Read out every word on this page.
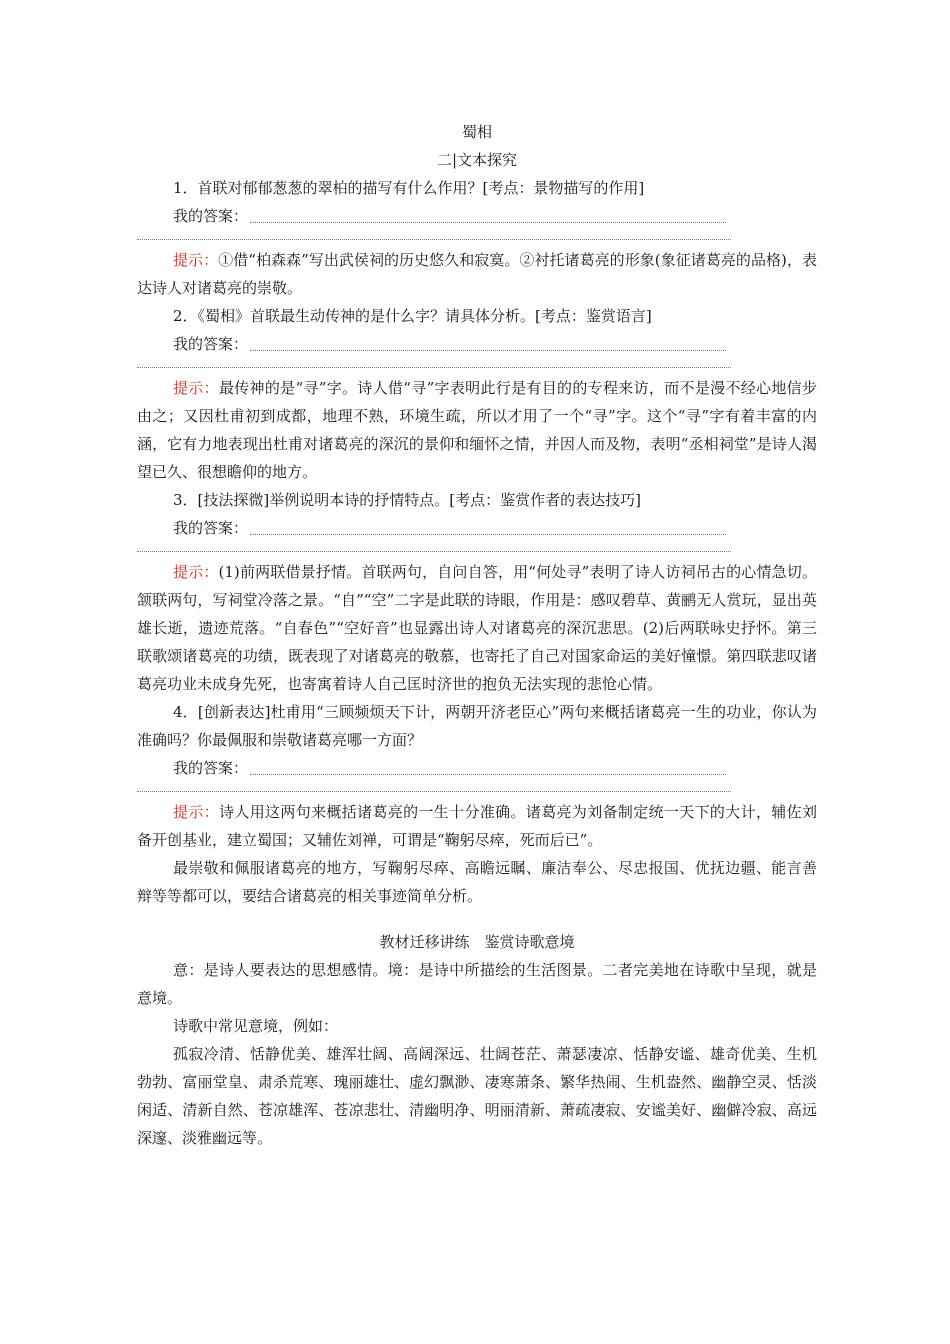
蜀相
二|文本探究
1．首联对郁郁葱葱的翠柏的描写有什么作用？[考点：景物描写的作用]
我的答案：
提示：①借“柏森森”写出武侯祠的历史悠久和寂寞。②衬托诸葛亮的形象(象征诸葛亮的品格)，表达诗人对诸葛亮的崇敬。
2．《蜀相》首联最生动传神的是什么字？请具体分析。[考点：鉴赏语言]
我的答案：
提示：最传神的是“寻”字。诗人借“寻”字表明此行是有目的的专程来访，而不是漫不经心地信步由之；又因杜甫初到成都，地理不熟，环境生疏，所以才用了一个“寻”字。这个“寻”字有着丰富的内涵，它有力地表现出杜甫对诸葛亮的深沉的景仰和缅怀之情，并因人而及物，表明“丞相祠堂”是诗人渴望已久、很想瞻仰的地方。
3．[技法探微]举例说明本诗的抒情特点。[考点：鉴赏作者的表达技巧]
我的答案：
提示：(1)前两联借景抒情。首联两句，自问自答，用“何处寻”表明了诗人访祠吊古的心情急切。颔联两句，写祠堂冷落之景。“自”“空”二字是此联的诗眼，作用是：感叹碧草、黄鹂无人赏玩，显出英雄长逝，遗迹荒落。“自春色”“空好音”也显露出诗人对诸葛亮的深沉悲思。(2)后两联咏史抒怀。第三联歌颂诸葛亮的功绩，既表现了对诸葛亮的敬慕，也寄托了自己对国家命运的美好憧憬。第四联悲叹诸葛亮功业未成身先死，也寄寓着诗人自己匡时济世的抱负无法实现的悲怆心情。
4．[创新表达]杜甫用“三顾频烦天下计，两朝开济老臣心”两句来概括诸葛亮一生的功业，你认为准确吗？你最佩服和崇敬诸葛亮哪一方面？
我的答案：
提示：诗人用这两句来概括诸葛亮的一生十分准确。诸葛亮为刘备制定统一天下的大计，辅佐刘备开创基业，建立蜀国；又辅佐刘禅，可谓是“鞠躬尽瘁，死而后已”。
最崇敬和佩服诸葛亮的地方，写鞠躬尽瘁、高瞻远瞩、廉洁奉公、尽忠报国、优抚边疆、能言善辩等等都可以，要结合诸葛亮的相关事迹简单分析。
教材迁移讲练　鉴赏诗歌意境
意：是诗人要表达的思想感情。境：是诗中所描绘的生活图景。二者完美地在诗歌中呈现，就是意境。
诗歌中常见意境，例如：
孤寂冷清、恬静优美、雄浑壮阔、高阔深远、壮阔苍茫、萧瑟凄凉、恬静安谧、雄奇优美、生机勃勃、富丽堂皇、肃杀荒寒、瑰丽雄壮、虚幻飘渺、凄寒萧条、繁华热闹、生机盎然、幽静空灵、恬淡闲适、清新自然、苍凉雄浑、苍凉悲壮、清幽明净、明丽清新、萧疏凄寂、安谧美好、幽僻冷寂、高远深邃、淡雅幽远等。
